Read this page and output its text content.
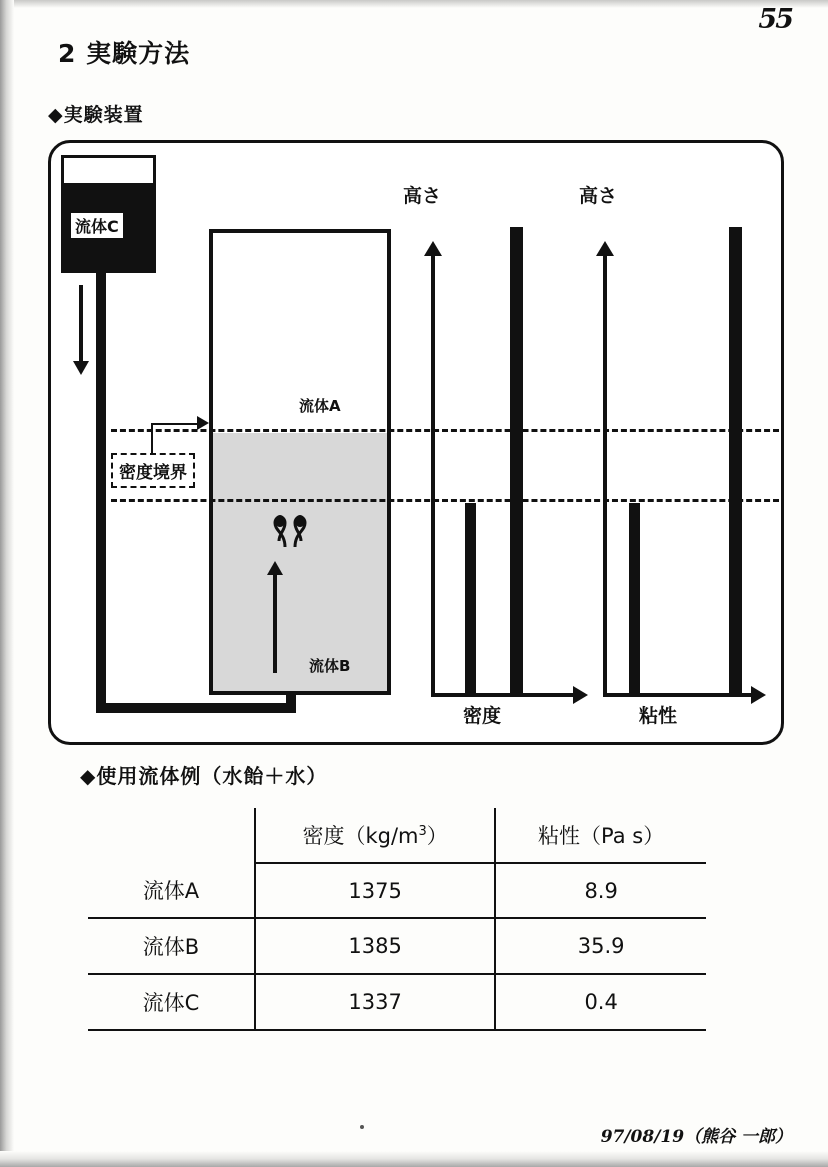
55
2 実験方法
◆実験装置
流体C
流体A
流体B
密度境界
高さ
密度
高さ
粘性
◆使用流体例（水飴＋水）
	密度$(kg/m^3)$	粘性（Pa s）
流体A	1375	8.9
流体B	1385	35.9
流体C	1337	0.4
97/08/19（熊谷 一郎）
